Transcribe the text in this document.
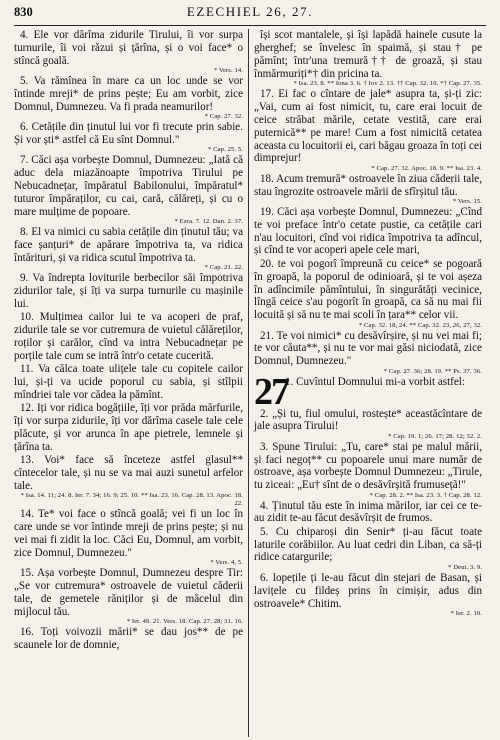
830	EZECHIEL 26, 27.

4. Ele vor dărîma zidurile Tirului, îi vor surpa turnurile, îi voi răzui și țărîna, și o voi face* o stîncă goală.

* Vers. 14.

5. Va rămînea în mare ca un loc unde se vor întinde mreji* de prins pește; Eu am vorbit, zice Domnul, Dumnezeu. Va fi prada neamurilor!

* Cap. 27. 32.

6. Cetățile din ținutul lui vor fi trecute prin sabie. Și vor ști* astfel că Eu sînt Domnul."

* Cap. 25. 5.

7. Căci așa vorbește Domnul, Dumnezeu: „Iată că aduc dela miazănoapte împotriva Tirului pe Nebucadnețar, împăratul Babilonului, împăratul* tuturor împăraților, cu cai, cară, călăreți, și cu o mare mulțime de popoare.

* Ezra. 7. 12. Dan. 2. 37.

8. El va nimici cu sabia cetățile din ținutul tău; va face șanțuri* de apărare împotriva ta, va ridica întărituri, și va ridica scutul împotriva ta.

* Cap. 21. 22.

9. Va îndrepta loviturile berbecilor săi împotriva zidurilor tale, și îți va surpa turnurile cu mașinile lui.

10. Mulțimea cailor lui te va acoperi de praf, zidurile tale se vor cutremura de vuietul călăreților, roților și carălor, cînd va intra Nebucadnețar pe porțile tale cum se intră într'o cetate cucerită.

11. Va călca toate ulițele tale cu copitele cailor lui, și-ți va ucide poporul cu sabia, și stîlpii mîndriei tale vor cădea la pămînt.

12. Iți vor ridica bogățiile, îți vor prăda mărfurile, îți vor surpa zidurile, îți vor dărîma casele tale cele plăcute, și vor arunca în ape pietrele, lemnele și țărîna ta.

13. Voi* face să înceteze astfel glasul** cîntecelor tale, și nu se va mai auzi sunetul arfelor tale.

* Isa. 14. 11; 24. 8. Ier. 7. 34; 16. 9; 25. 10. ** Isa. 23. 16. Cap. 28. 13. Apoc. 18. 22.

14. Te* voi face o stîncă goală; vei fi un loc în care unde se vor întinde mreji de prins pește; și nu vei mai fi zidit la loc. Căci Eu, Domnul, am vorbit, zice Domnul, Dumnezeu."

* Vers. 4, 5.

15. Așa vorbește Domnul, Dumnezeu despre Tir: „Se vor cutremura* ostroavele de vuietul căderii tale, de gemetele răniților și de măcelul din mijlocul tău.

* Ier. 49. 21. Vers. 18. Cap. 27. 28; 31. 16.

16. Toți voivozii mării* se dau jos** de pe scaunele lor de domnie,

își scot mantalele, și își lapădă hainele cusute la gherghef; se învelesc în spaimă, și stau† pe pămînt; într'una tremură†† de groază, și stau înmărmuriți*† din pricina ta.

* Isa. 23. 8. ** Iona 3. 6. † Iov 2. 13. †† Cap. 32. 10. *† Cap. 27. 35.

17. Ei fac o cîntare de jale* asupra ta, și-ți zic: „Vai, cum ai fost nimicit, tu, care erai locuit de ceice străbat mările, cetate vestită, care erai puternică** pe mare! Cum a fost nimicită cetatea aceasta cu locuitorii ei, cari băgau groaza în toți cei dimprejur!

* Cap. 27. 32. Apoc. 18. 9. ** Isa. 23. 4.

18. Acum tremură* ostroavele în ziua căderii tale, stau îngrozite ostroavele mării de sfîrșitul tău.

* Vers. 15.

19. Căci așa vorbește Domnul, Dumnezeu: „Cînd te voi preface într'o cetate pustie, ca cetățile cari n'au locuitori, cînd voi ridica împotriva ta adîncul, și cînd te vor acoperi apele cele mari,

20. te voi pogorî împreună cu ceice* se pogoară în groapă, la poporul de odinioară, și te voi așeza în adîncimile pămîntului, în singurătăți vecinice, lîngă ceice s'au pogorît în groapă, ca să nu mai fii locuită și să nu te mai scoli în țara** celor vii.

* Cap. 32. 18, 24. ** Cap. 32. 23, 26, 27, 32.

21. Te voi nimici* cu desăvîrșire, și nu vei mai fi; te vor căuta**, și nu te vor mai găsi niciodată, zice Domnul, Dumnezeu."

* Cap. 27. 36; 28. 19. ** Ps. 37. 36.
27

1. Cuvîntul Domnului mi-a vorbit astfel:

2. „Și tu, fiul omului, rostește* aceastăcîntare de jale asupra Tirului!

* Cap. 19. 1; 26. 17; 28. 12; 32. 2.

3. Spune Tirului: „Tu, care* stai pe malul mării, și faci negoț** cu popoarele unui mare număr de ostroave, așa vorbește Domnul Dumnezeu: „Tirule, tu ziceai: „Eu† sînt de o desăvîrșită frumusețã!"

* Cap. 28. 2. ** Isa. 23. 3. † Cap. 28. 12.

4. Ținutul tău este în inima mărilor, iar cei ce te-au zidit te-au făcut desăvîrșit de frumos.

5. Cu chiparoși din Senir* ți-au făcut toate laturile corăbiilor. Au luat cedri din Liban, ca să-ți ridice catargurile;

* Deut. 3. 9.

6. lopețile ți le-au făcut din stejari de Basan, și lavițele cu fildeș prins în cimișir, adus din ostroavele* Chitim.

* Ier. 2. 10.
